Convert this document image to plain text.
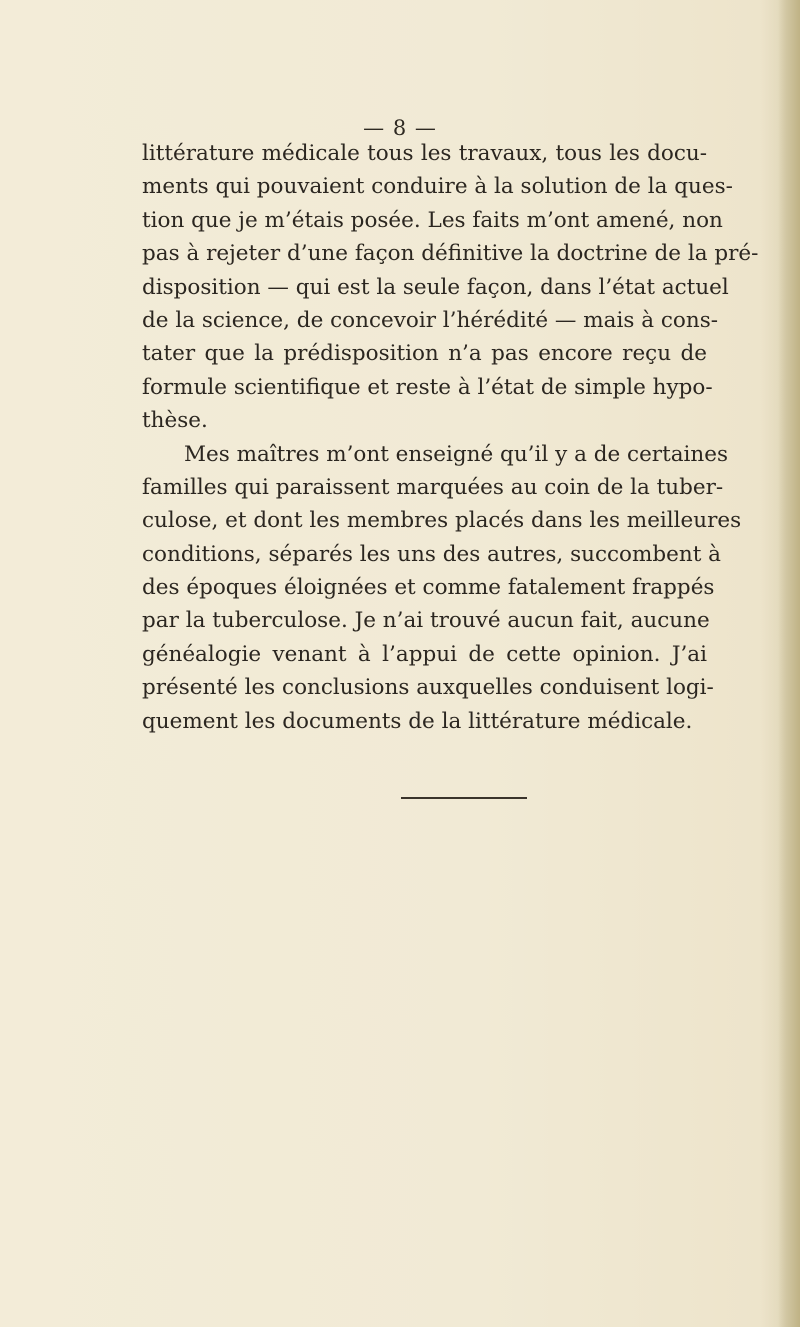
— 8 —
littérature médicale tous les travaux, tous les docu-
ments qui pouvaient conduire à la solution de la ques-
tion que je m’étais posée. Les faits m’ont amené, non
pas à rejeter d’une façon définitive la doctrine de la pré-
disposition — qui est la seule façon, dans l’état actuel
de la science, de concevoir l’hérédité — mais à cons-
tater que la prédisposition n’a pas encore reçu de
formule scientifique et reste à l’état de simple hypo-
thèse.
Mes maîtres m’ont enseigné qu’il y a de certaines
familles qui paraissent marquées au coin de la tuber-
culose, et dont les membres placés dans les meilleures
conditions, séparés les uns des autres, succombent à
des époques éloignées et comme fatalement frappés
par la tuberculose. Je n’ai trouvé aucun fait, aucune
généalogie venant à l’appui de cette opinion. J’ai
présenté les conclusions auxquelles conduisent logi-
quement les documents de la littérature médicale.
